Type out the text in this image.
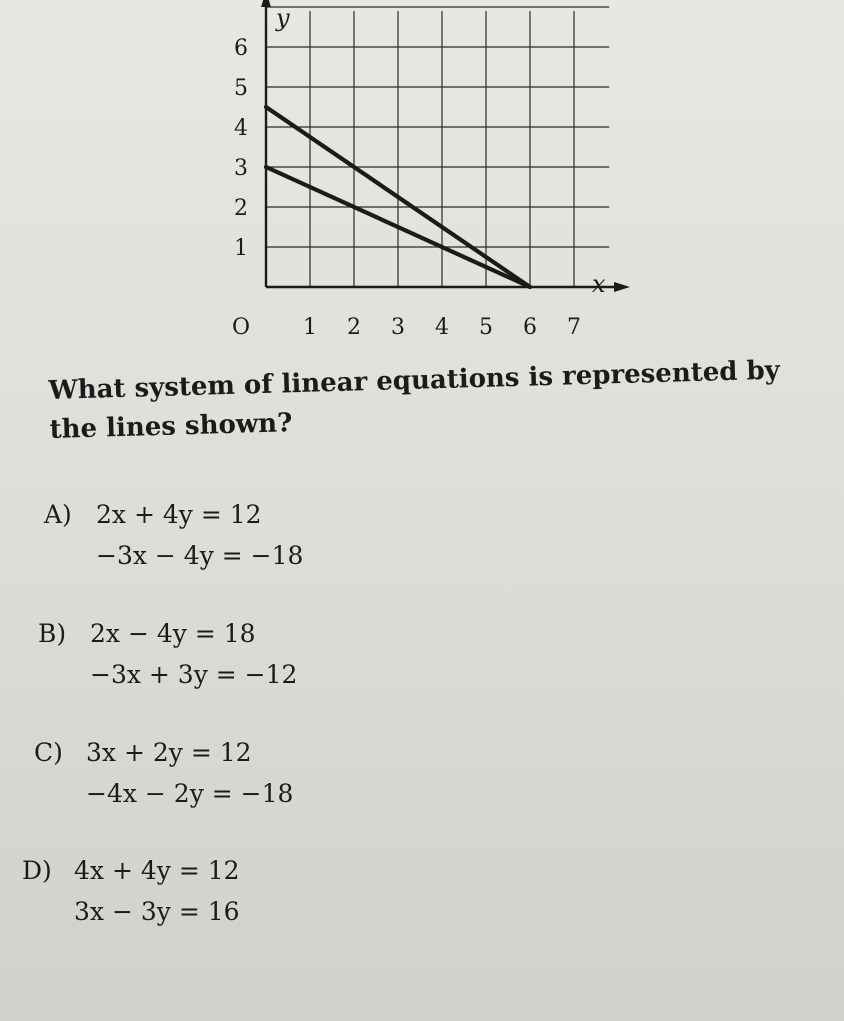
1 2 3 4 5 6 7
1
2
3
4
5
6
y
x
O
What system of linear equations is represented by the lines shown?
A) 2x + 4y = 12
−3x − 4y = −18
B) 2x − 4y = 18
−3x + 3y = −12
C) 3x + 2y = 12
−4x − 2y = −18
D) 4x + 4y = 12
3x − 3y = 16
